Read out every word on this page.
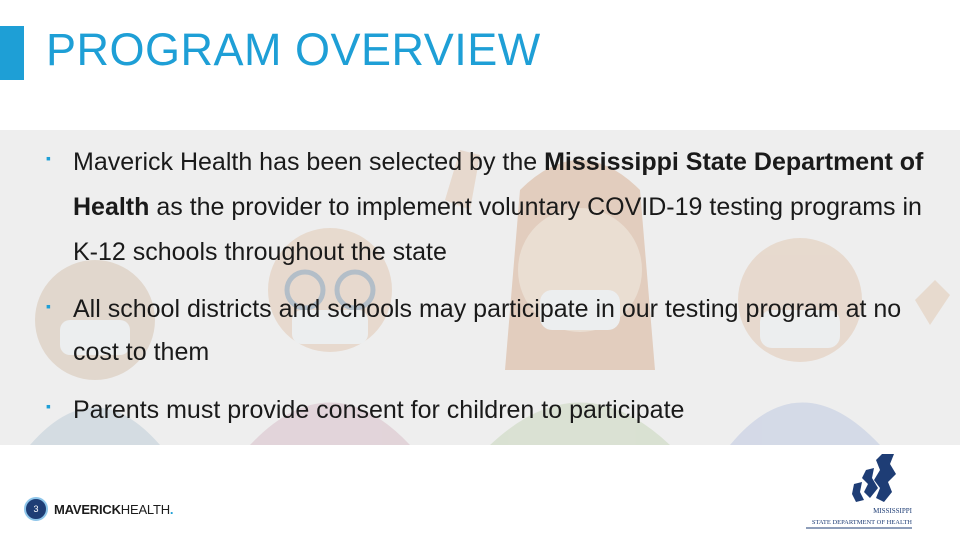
PROGRAM OVERVIEW
▪ Maverick Health has been selected by the Mississippi State Department of Health as the provider to implement voluntary COVID-19 testing programs in K-12 schools throughout the state
▪ All school districts and schools may participate in our testing program at no cost to them
▪ Parents must provide consent for children to participate
3	MAVERICKHEALTH.	MISSISSIPPI
STATE DEPARTMENT OF HEALTH
